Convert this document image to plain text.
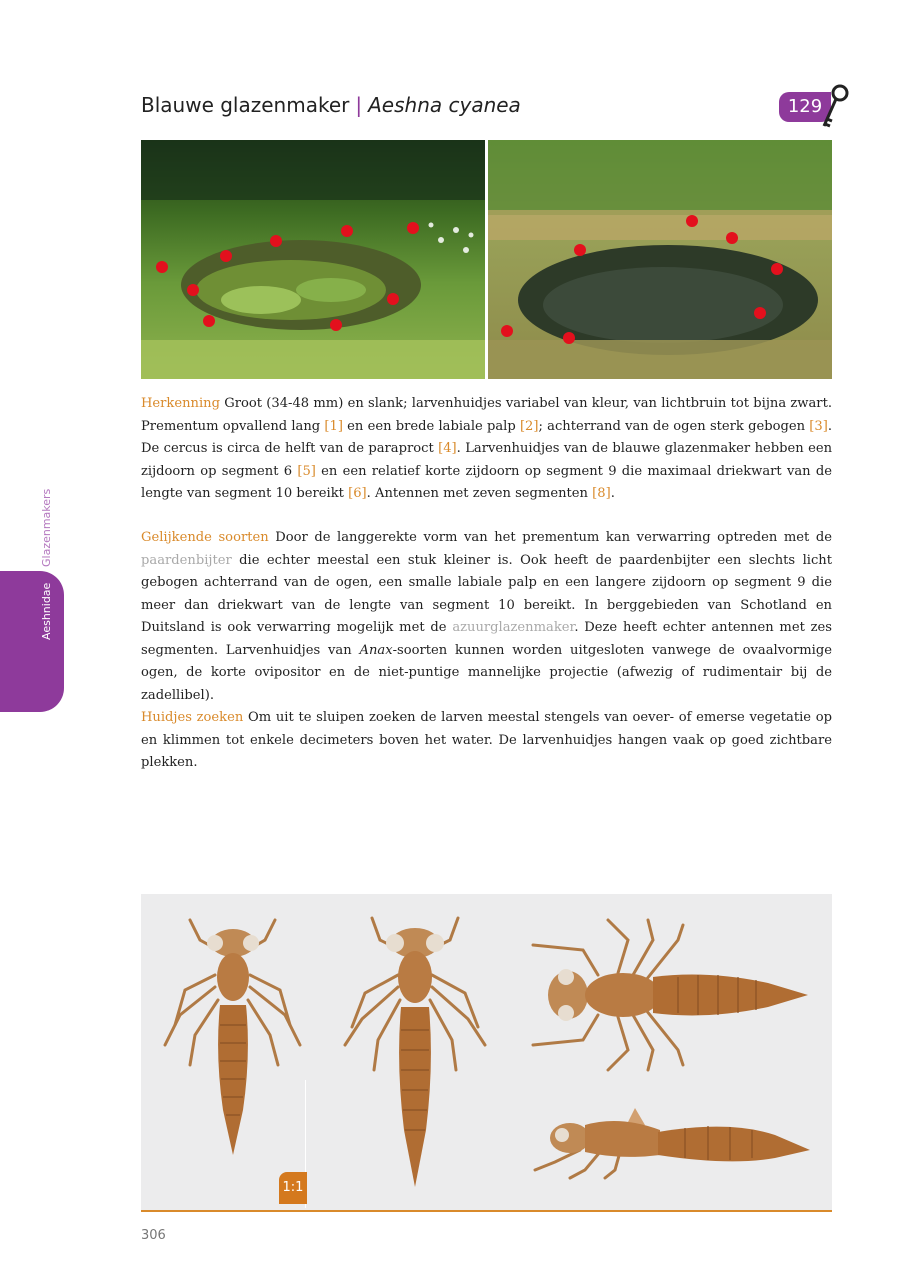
Glazenmakers
Aeshnidae
Blauwe glazenmaker | Aeshna cyanea	129
Herkenning Groot (34-48 mm) en slank; larvenhuidjes variabel van kleur, van lichtbruin tot bijna zwart. Prementum opvallend lang [1] en een brede labiale palp [2]; achterrand van de ogen sterk gebogen [3]. De cercus is circa de helft van de paraproct [4]. Larvenhuidjes van de blauwe glazenmaker hebben een zijdoorn op segment 6 [5] en een relatief korte zijdoorn op segment 9 die maximaal driekwart van de lengte van segment 10 bereikt [6]. Antennen met zeven segmenten [8].
Gelijkende soorten Door de langgerekte vorm van het prementum kan verwarring optreden met de paardenbijter die echter meestal een stuk kleiner is. Ook heeft de paardenbijter een slechts licht gebogen achterrand van de ogen, een smalle labiale palp en een langere zijdoorn op segment 9 die meer dan driekwart van de lengte van segment 10 bereikt. In berggebieden van Schotland en Duitsland is ook verwarring mogelijk met de azuurglazenmaker. Deze heeft echter antennen met zes segmenten. Larvenhuidjes van Anax-soorten kunnen worden uitgesloten vanwege de ovaalvormige ogen, de korte ovipositor en de niet-puntige mannelijke projectie (afwezig of rudimentair bij de zadellibel).
Huidjes zoeken Om uit te sluipen zoeken de larven meestal stengels van oever- of emerse vegetatie op en klimmen tot enkele decimeters boven het water. De larvenhuidjes hangen vaak op goed zichtbare plekken.
1:1
306
